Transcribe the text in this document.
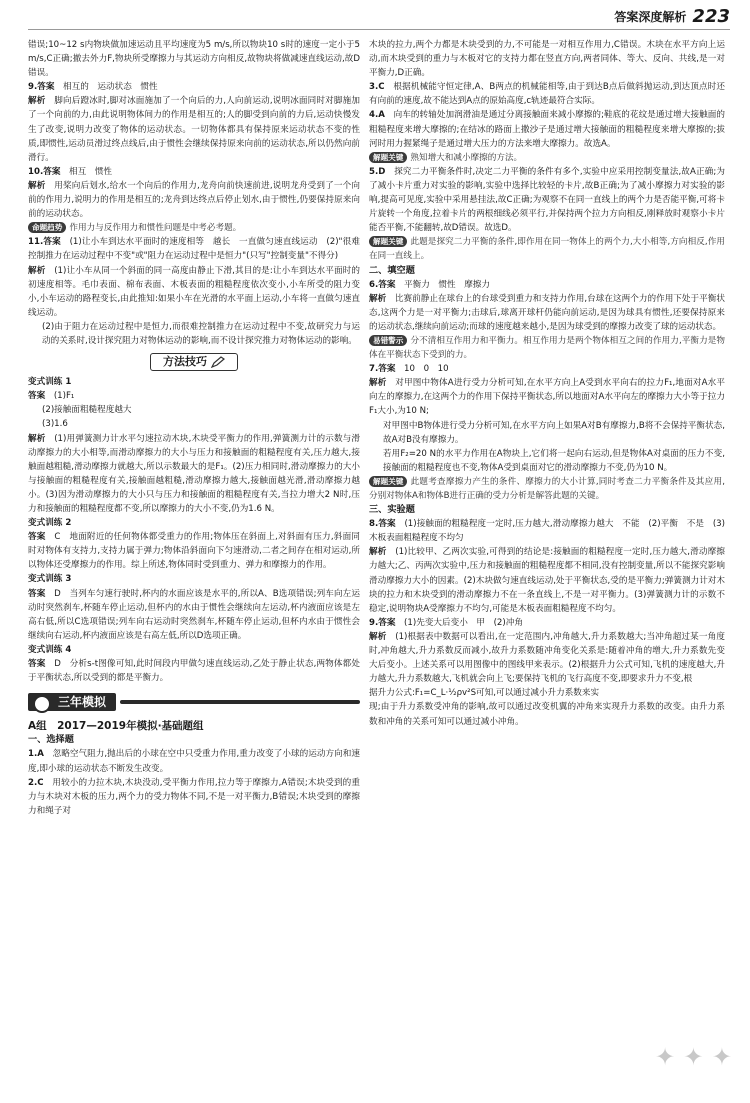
答案深度解析 223

错误;10~12 s内物块做加速运动且平均速度为5 m/s,所以物块10 s时的速度一定小于5 m/s,C正确;撤去外力F,物块所受摩擦力与其运动方向相反,故物块将做减速直线运动,故D错误。

9.答案　 相互的　运动状态　惯性

解析　 脚向后蹬冰时,脚对冰面施加了一个向后的力,人向前运动,说明冰面同时对脚施加了一个向前的力,由此说明物体间力的作用是相互的;人的脚受到向前的力后,运动快慢发生了改变,说明力改变了物体的运动状态。一切物体都具有保持原来运动状态不变的性质,即惯性,运动员滑过终点线后,由于惯性会继续保持原来向前的运动状态,所以仍然向前滑行。

10.答案　 相互　惯性

解析　 用桨向后划水,给水一个向后的作用力,龙舟向前快速前进,说明龙舟受到了一个向前的作用力,说明力的作用是相互的;龙舟到达终点后停止划水,由于惯性,仍要保持原来向前的运动状态。

命题趋势 作用力与反作用力和惯性问题是中考必考题。

11.答案　 (1)让小车到达水平面时的速度相等　越长　一直做匀速直线运动　(2)"很难控制推力在运动过程中不变"或"阻力在运动过程中是恒力"(只写"控制变量"不得分)

解析　 (1)让小车从同一个斜面的同一高度由静止下滑,其目的是:让小车到达水平面时的初速度相等。毛巾表面、棉布表面、木板表面的粗糙程度依次变小,小车所受的阻力变小,小车运动的路程变长,由此推知:如果小车在光滑的水平面上运动,小车将一直做匀速直线运动。

(2)由于阻力在运动过程中是恒力,而很难控制推力在运动过程中不变,故研究力与运动的关系时,设计探究阻力对物体运动的影响,而不设计探究推力对物体运动的影响。

方法技巧

变式训练 1

答案　 (1)F₁

(2)接触面粗糙程度越大

(3)1.6

解析　 (1)用弹簧测力计水平匀速拉动木块,木块受平衡力的作用,弹簧测力计的示数与滑动摩擦力的大小相等,而滑动摩擦力的大小与压力和接触面的粗糙程度有关,压力越大,接触面越粗糙,滑动摩擦力就越大,所以示数最大的是F₁。(2)压力相同时,滑动摩擦力的大小与接触面的粗糙程度有关,接触面越粗糙,滑动摩擦力越大,接触面越光滑,滑动摩擦力越小。(3)因为滑动摩擦力的大小只与压力和接触面的粗糙程度有关,当拉力增大2 N时,压力和接触面的粗糙程度都不变,所以摩擦力的大小不变,仍为1.6 N。

变式训练 2

答案　 C　地面附近的任何物体都受重力的作用;物体压在斜面上,对斜面有压力,斜面同时对物体有支持力,支持力属于弹力;物体沿斜面向下匀速滑动,二者之间存在相对运动,所以物体还受摩擦力的作用。综上所述,物体同时受到重力、弹力和摩擦力的作用。

变式训练 3

答案　 D　当列车匀速行驶时,杯内的水面应该是水平的,所以A、B选项错误;列车向左运动时突然刹车,杯随车停止运动,但杯内的水由于惯性会继续向左运动,杯内液面应该是左高右低,所以C选项错误;列车向右运动时突然刹车,杯随车停止运动,但杯内水由于惯性会继续向右运动,杯内液面应该是右高左低,所以D选项正确。

变式训练 4

答案　 D　分析s-t图像可知,此时间段内甲做匀速直线运动,乙处于静止状态,两物体都处于平衡状态,所以受到的都是平衡力。

三年模拟

A组　2017—2019年模拟·基础题组

一、选择题

1.A　 忽略空气阻力,抛出后的小球在空中只受重力作用,重力改变了小球的运动方向和速度,即小球的运动状态不断发生改变。

2.C　 用较小的力拉木块,木块没动,受平衡力作用,拉力等于摩擦力,A错误;木块受到的重力与木块对木板的压力,两个力的受力物体不同,不是一对平衡力,B错误;木块受到的摩擦力和绳子对

木块的拉力,两个力都是木块受到的力,不可能是一对相互作用力,C错误。木块在水平方向上运动,而木块受到的重力与木板对它的支持力都在竖直方向,两者同体、等大、反向、共线,是一对平衡力,D正确。

3.C　 根据机械能守恒定律,A、B两点的机械能相等,由于到达B点后做斜抛运动,到达顶点时还有向前的速度,故不能达到A点的原始高度,c轨迹最符合实际。

4.A　 向车的转轴处加润滑油是通过分离接触面来减小摩擦的;鞋底的花纹是通过增大接触面的粗糙程度来增大摩擦的;在结冰的路面上撒沙子是通过增大接触面的粗糙程度来增大摩擦的;拔河时用力握紧绳子是通过增大压力的方法来增大摩擦力。故选A。

解题关键 熟知增大和减小摩擦的方法。

5.D　 探究二力平衡条件时,决定二力平衡的条件有多个,实验中应采用控制变量法,故A正确;为了减小卡片重力对实验的影响,实验中选择比较轻的卡片,故B正确;为了减小摩擦力对实验的影响,提高可见度,实验中采用悬挂法,故C正确;为观察不在同一直线上的两个力是否能平衡,可将卡片旋转一个角度,拉着卡片的两根细线必须平行,并保持两个拉力方向相反,刚释放时观察小卡片能否平衡,不能翻转,故D错误。故选D。

解题关键 此题是探究二力平衡的条件,即作用在同一物体上的两个力,大小相等,方向相反,作用在同一直线上。

二、填空题

6.答案　 平衡力　惯性　摩擦力

解析　 比赛前静止在球台上的台球受到重力和支持力作用,台球在这两个力的作用下处于平衡状态,这两个力是一对平衡力;击球后,球离开球杆仍能向前运动,是因为球具有惯性,还要保持原来的运动状态,继续向前运动;而球的速度越来越小,是因为球受到的摩擦力改变了球的运动状态。

易错警示 分不清相互作用力和平衡力。相互作用力是两个物体相互之间的作用力,平衡力是物体在平衡状态下受到的力。

7.答案　 10　0　10

解析　 对甲图中物体A进行受力分析可知,在水平方向上A受到水平向右的拉力F₁,地面对A水平向左的摩擦力,在这两个力的作用下保持平衡状态,所以地面对A水平向左的摩擦力大小等于拉力F₁大小,为10 N;

对甲图中B物体进行受力分析可知,在水平方向上如果A对B有摩擦力,B将不会保持平衡状态,故A对B没有摩擦力。

若用F₂=20 N的水平力作用在A物块上,它们将一起向右运动,但是物体A对桌面的压力不变,接触面的粗糙程度也不变,物体A受到桌面对它的滑动摩擦力不变,仍为10 N。

解题关键 此题考查摩擦力产生的条件、摩擦力的大小计算,同时考查二力平衡条件及其应用,分别对物体A和物体B进行正确的受力分析是解答此题的关键。

三、实验题

8.答案　 (1)接触面的粗糙程度一定时,压力越大,滑动摩擦力越大　不能　(2)平衡　不是　(3)木板表面粗糙程度不均匀

解析　 (1)比较甲、乙两次实验,可得到的结论是:接触面的粗糙程度一定时,压力越大,滑动摩擦力越大;乙、丙两次实验中,压力和接触面的粗糙程度都不相同,没有控制变量,所以不能探究影响滑动摩擦力大小的因素。(2)木块做匀速直线运动,处于平衡状态,受的是平衡力;弹簧测力计对木块的拉力和木块受到的滑动摩擦力不在一条直线上,不是一对平衡力。(3)弹簧测力计的示数不稳定,说明物块A受摩擦力不均匀,可能是木板表面粗糙程度不均匀。

9.答案　 (1)先变大后变小　甲　(2)冲角

解析　 (1)根据表中数据可以看出,在一定范围内,冲角越大,升力系数越大;当冲角超过某一角度时,冲角越大,升力系数反而减小,故升力系数随冲角变化关系是:随着冲角的增大,升力系数先变大后变小。上述关系可以用图像中的图线甲来表示。(2)根据升力公式可知,飞机的速度越大,升力越大,升力系数越大,飞机就会向上飞;要保持飞机的飞行高度不变,即要求升力不变,根

据升力公式:F₁=C_L·½ρv²S可知,可以通过减小升力系数来实

现;由于升力系数受冲角的影响,故可以通过改变机翼的冲角来实现升力系数的改变。由升力系数和冲角的关系可知可以通过减小冲角。

✦ ✦ ✦
